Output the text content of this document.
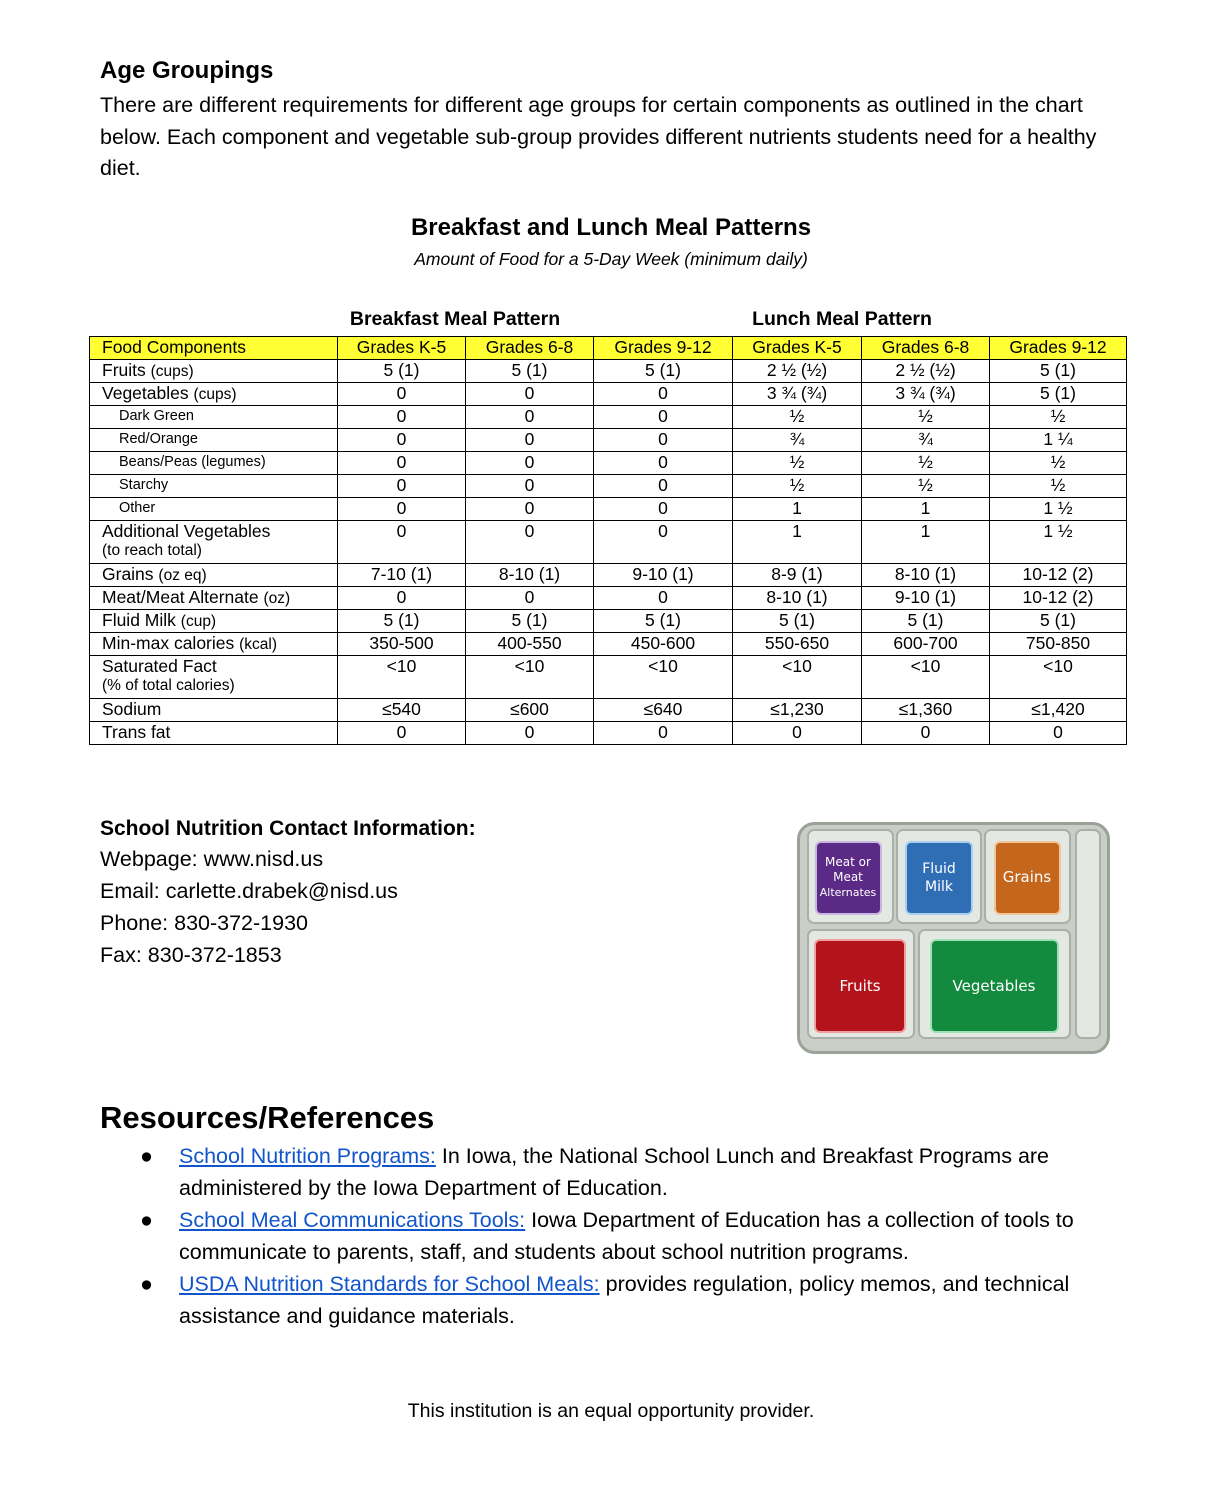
Age Groupings
There are different requirements for different age groups for certain components as outlined in the chart below. Each component and vegetable sub-group provides different nutrients students need for a healthy diet.
Breakfast and Lunch Meal Patterns
Amount of Food for a 5-Day Week (minimum daily)
Breakfast Meal Pattern	Lunch Meal Pattern
Food Components	Grades K-5	Grades 6-8	Grades 9-12	Grades K-5	Grades 6-8	Grades 9-12
Fruits (cups)	5 (1)	5 (1)	5 (1)	2 ½ (½)	2 ½ (½)	5 (1)
Vegetables (cups)	0	0	0	3 ¾ (¾)	3 ¾ (¾)	5 (1)
Dark Green	0	0	0	½	½	½
Red/Orange	0	0	0	¾	¾	1 ¼
Beans/Peas (legumes)	0	0	0	½	½	½
Starchy	0	0	0	½	½	½
Other	0	0	0	1	1	1 ½
Additional Vegetables
(to reach total)	0	0	0	1	1	1 ½
Grains (oz eq)	7-10 (1)	8-10 (1)	9-10 (1)	8-9 (1)	8-10 (1)	10-12 (2)
Meat/Meat Alternate (oz)	0	0	0	8-10 (1)	9-10 (1)	10-12 (2)
Fluid Milk (cup)	5 (1)	5 (1)	5 (1)	5 (1)	5 (1)	5 (1)
Min-max calories (kcal)	350-500	400-550	450-600	550-650	600-700	750-850
Saturated Fact
(% of total calories)	<10	<10	<10	<10	<10	<10
Sodium	≤540	≤600	≤640	≤1,230	≤1,360	≤1,420
Trans fat	0	0	0	0	0	0
School Nutrition Contact Information:
Webpage: www.nisd.us
Email: carlette.drabek@nisd.us
Phone: 830-372-1930
Fax: 830-372-1853
Meat or
Meat
Alternates
Fluid
Milk
Grains
Fruits	Vegetables
Resources/References
● School Nutrition Programs: In Iowa, the National School Lunch and Breakfast Programs are administered by the Iowa Department of Education.
● School Meal Communications Tools: Iowa Department of Education has a collection of tools to communicate to parents, staff, and students about school nutrition programs.
● USDA Nutrition Standards for School Meals: provides regulation, policy memos, and technical assistance and guidance materials.
This institution is an equal opportunity provider.
